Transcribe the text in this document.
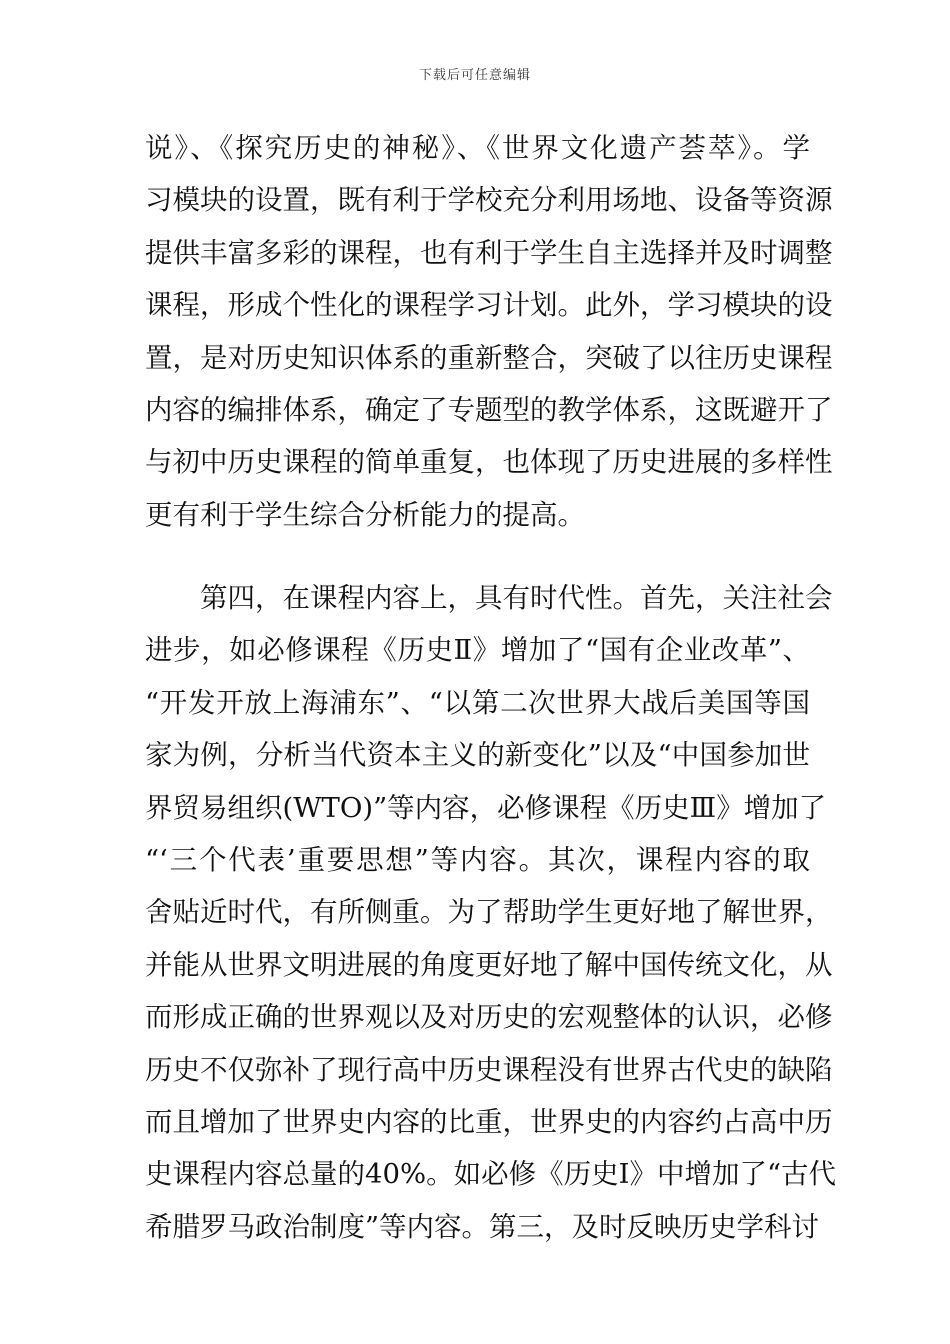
下载后可任意编辑
说》、《探究历史的神秘》、《世界文化遗产荟萃》。学
习模块的设置，既有利于学校充分利用场地、设备等资源
提供丰富多彩的课程，也有利于学生自主选择并及时调整
课程，形成个性化的课程学习计划。此外，学习模块的设
置，是对历史知识体系的重新整合，突破了以往历史课程
内容的编排体系，确定了专题型的教学体系，这既避开了
与初中历史课程的简单重复，也体现了历史进展的多样性
更有利于学生综合分析能力的提高。
第四，在课程内容上，具有时代性。首先，关注社会
进步，如必修课程《历史Ⅱ》增加了“国有企业改革”、
“开发开放上海浦东”、“以第二次世界大战后美国等国
家为例，分析当代资本主义的新变化”以及“中国参加世
界贸易组织(WTO)”等内容，必修课程《历史Ⅲ》增加了
“‘三个代表’重要思想”等内容。其次，课程内容的取
舍贴近时代，有所侧重。为了帮助学生更好地了解世界，
并能从世界文明进展的角度更好地了解中国传统文化，从
而形成正确的世界观以及对历史的宏观整体的认识，必修
历史不仅弥补了现行高中历史课程没有世界古代史的缺陷
而且增加了世界史内容的比重，世界史的内容约占高中历
史课程内容总量的40%。如必修《历史Ⅰ》中增加了“古代
希腊罗马政治制度”等内容。第三，及时反映历史学科讨
